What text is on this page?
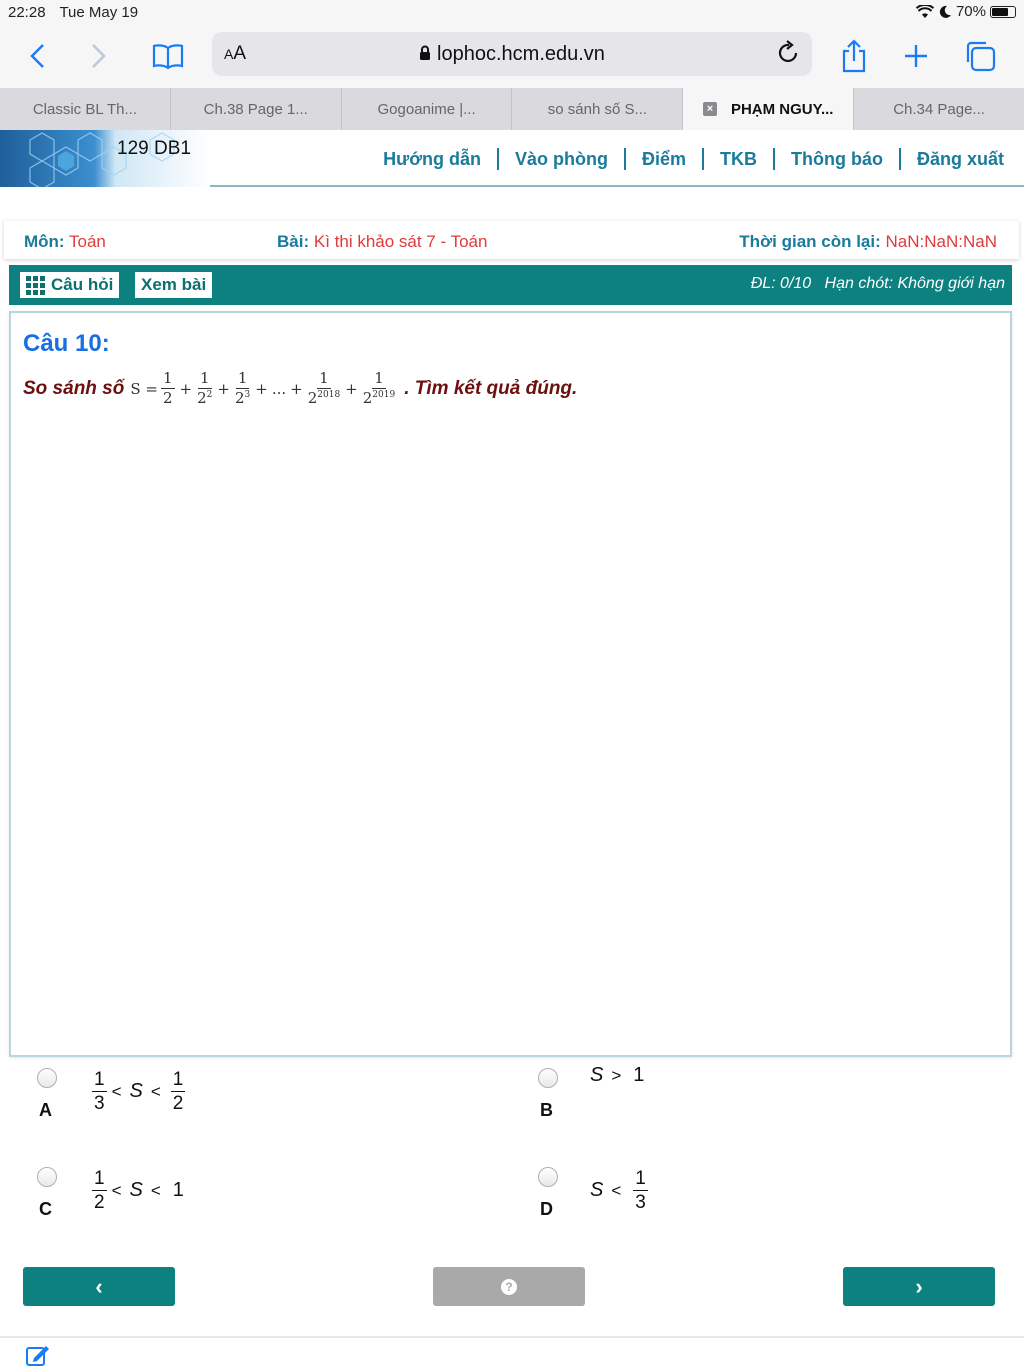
22:28 Tue May 19	70%
AA	lophoc.hcm.edu.vn
Classic BL Th...	Ch.38 Page 1...	Gogoanime |...	so sánh số S...	× PHẠM NGUY...	Ch.34 Page...
129 DB1	Hướng dẫn Vào phòng Điểm TKB Thông báo Đăng xuất
Môn: Toán	Bài: Kì thi khảo sát 7 - Toán	Thời gian còn lại: NaN:NaN:NaN
Câu hỏi Xem bài	ĐL: 0/10 Hạn chót: Không giới hạn
Câu 10:
So sánh số $S = \frac{1}{2} + \frac{1}{2^2} + \frac{1}{2^3}$ + ... + $\frac{1}{2^{2018}} + \frac{1}{2^{2019}}$ . Tìm kết quả đúng.
A $\frac{1}{3} < S < \frac{1}{2}$	B
S > 1
C $\frac{1}{2} < S < 1$
D
$S < \frac{1}{3}$
‹	?	›
